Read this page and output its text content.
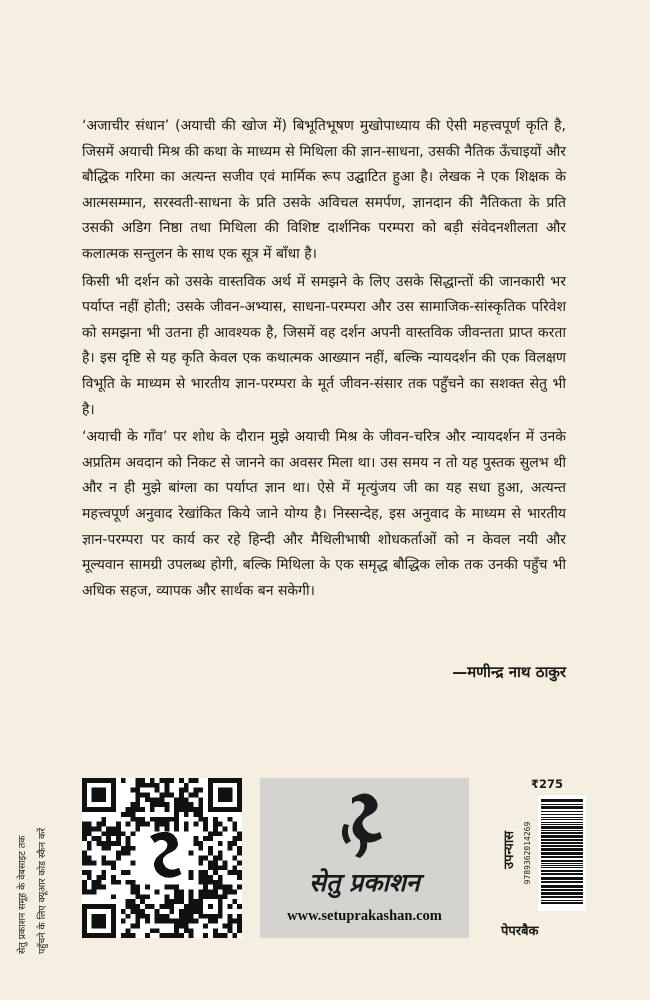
‘अजाचीर संधान’ (अयाची की खोज में) बिभूतिभूषण मुखोपाध्याय की ऐसी महत्त्वपूर्ण कृति है, जिसमें अयाची मिश्र की कथा के माध्यम से मिथिला की ज्ञान-साधना, उसकी नैतिक ऊँचाइयों और बौद्धिक गरिमा का अत्यन्त सजीव एवं मार्मिक रूप उद्घाटित हुआ है। लेखक ने एक शिक्षक के आत्मसम्मान, सरस्वती-साधना के प्रति उसके अविचल समर्पण, ज्ञानदान की नैतिकता के प्रति उसकी अडिग निष्ठा तथा मिथिला की विशिष्ट दार्शनिक परम्परा को बड़ी संवेदनशीलता और कलात्मक सन्तुलन के साथ एक सूत्र में बाँधा है।

किसी भी दर्शन को उसके वास्तविक अर्थ में समझने के लिए उसके सिद्धान्तों की जानकारी भर पर्याप्त नहीं होती; उसके जीवन-अभ्यास, साधना-परम्परा और उस सामाजिक-सांस्कृतिक परिवेश को समझना भी उतना ही आवश्यक है, जिसमें वह दर्शन अपनी वास्तविक जीवन्तता प्राप्त करता है। इस दृष्टि से यह कृति केवल एक कथात्मक आख्यान नहीं, बल्कि न्यायदर्शन की एक विलक्षण विभूति के माध्यम से भारतीय ज्ञान-परम्परा के मूर्त जीवन-संसार तक पहुँचने का सशक्त सेतु भी है।

‘अयाची के गाँव’ पर शोध के दौरान मुझे अयाची मिश्र के जीवन-चरित्र और न्यायदर्शन में उनके अप्रतिम अवदान को निकट से जानने का अवसर मिला था। उस समय न तो यह पुस्तक सुलभ थी और न ही मुझे बांग्ला का पर्याप्त ज्ञान था। ऐसे में मृत्युंजय जी का यह सधा हुआ, अत्यन्त महत्त्वपूर्ण अनुवाद रेखांकित किये जाने योग्य है। निस्सन्देह, इस अनुवाद के माध्यम से भारतीय ज्ञान-परम्परा पर कार्य कर रहे हिन्दी और मैथिलीभाषी शोधकर्ताओं को न केवल नयी और मूल्यवान सामग्री उपलब्ध होगी, बल्कि मिथिला के एक समृद्ध बौद्धिक लोक तक उनकी पहुँच भी अधिक सहज, व्यापक और सार्थक बन सकेगी।

—मणीन्द्र नाथ ठाकुर
सेतु प्रकाशन समूह के वेबसाइट तक पहुँचने के लिए क्यूआर कोड स्कैन करें	सेतु प्रकाशन
www.setuprakashan.com
₹275
9789362014269
उपन्यास
पेपरबैक
